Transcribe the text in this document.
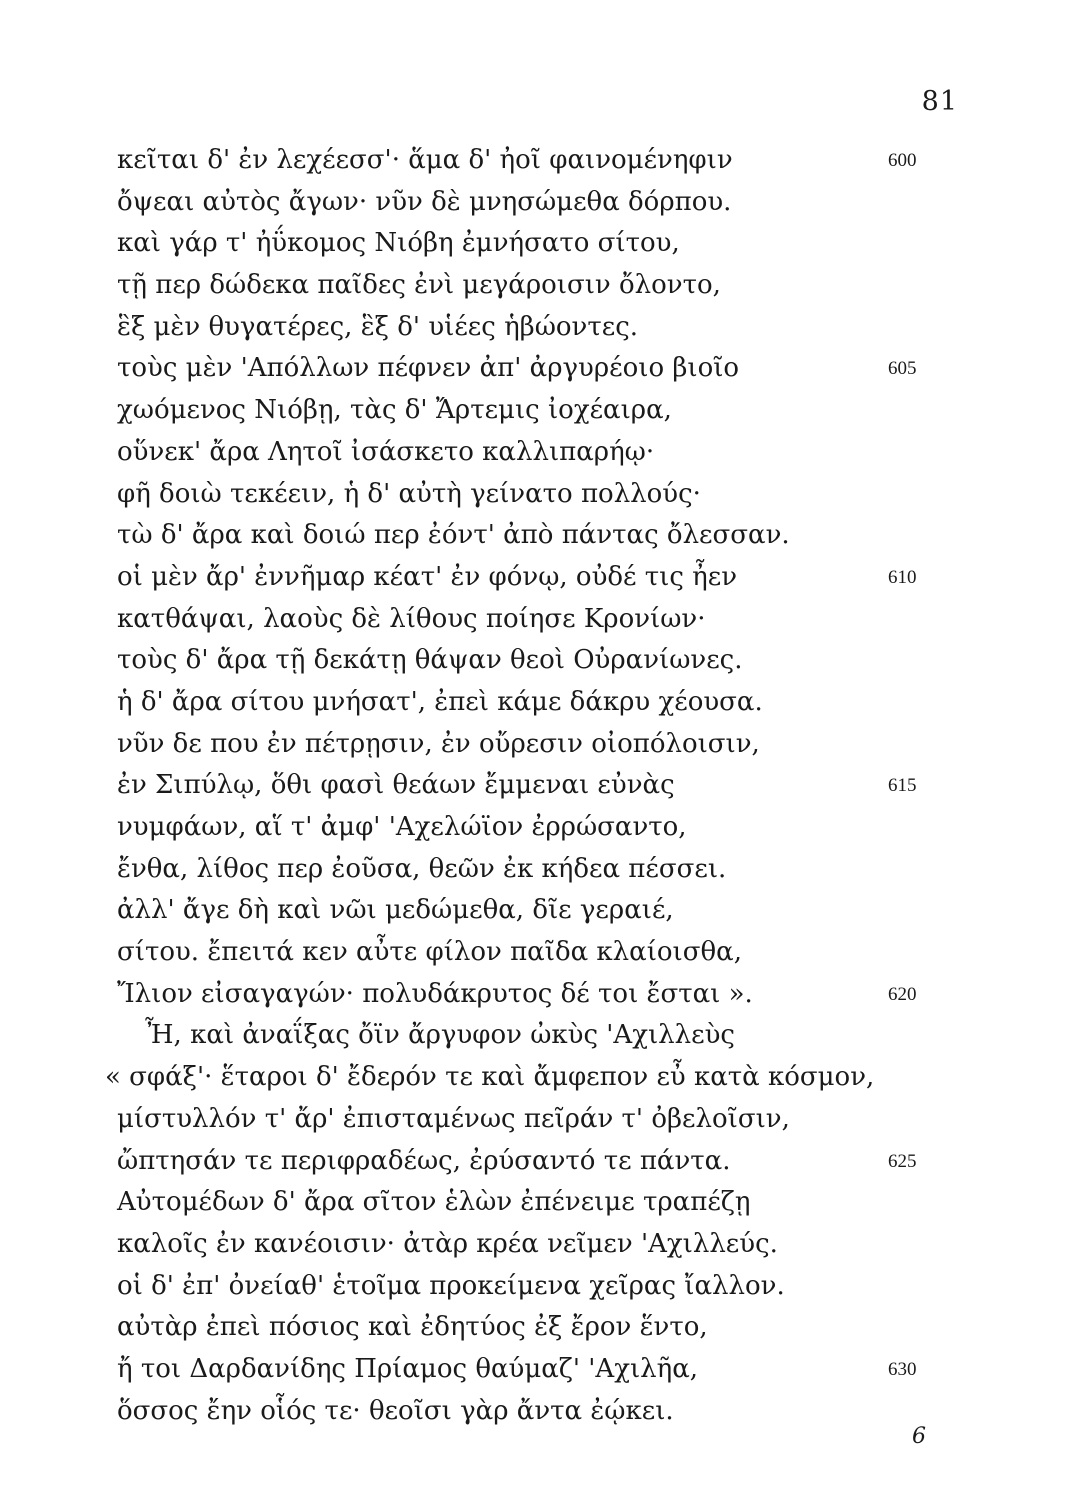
81
κεῖται δ' ἐν λεχέεσσ'· ἅμα δ' ἠοῖ φαινομένηφιν	600
ὄψεαι αὐτὸς ἄγων· νῦν δὲ μνησώμεθα δόρπου.
καὶ γάρ τ' ἠΰκομος Νιόβη ἐμνήσατο σίτου,
τῇ περ δώδεκα παῖδες ἐνὶ μεγάροισιν ὄλοντο,
ἓξ μὲν θυγατέρες, ἓξ δ' υἱέες ἡβώοντες.
τοὺς μὲν 'Απόλλων πέφνεν ἀπ' ἀργυρέοιο βιοῖο	605
χωόμενος Νιόβῃ, τὰς δ' Ἄρτεμις ἰοχέαιρα,
οὕνεκ' ἄρα Λητοῖ ἰσάσκετο καλλιπαρήῳ·
φῆ δοιὼ τεκέειν, ἡ δ' αὐτὴ γείνατο πολλούς·
τὼ δ' ἄρα καὶ δοιώ περ ἐόντ' ἀπὸ πάντας ὄλεσσαν.
οἱ μὲν ἄρ' ἐννῆμαρ κέατ' ἐν φόνῳ, οὐδέ τις ἦεν	610
κατθάψαι, λαοὺς δὲ λίθους ποίησε Κρονίων·
τοὺς δ' ἄρα τῇ δεκάτῃ θάψαν θεοὶ Οὐρανίωνες.
ἡ δ' ἄρα σίτου μνήσατ', ἐπεὶ κάμε δάκρυ χέουσα.
νῦν δε που ἐν πέτρῃσιν, ἐν οὔρεσιν οἰοπόλοισιν,
ἐν Σιπύλῳ, ὅθι φασὶ θεάων ἔμμεναι εὐνὰς	615
νυμφάων, αἵ τ' ἀμφ' 'Αχελώϊον ἐρρώσαντο,
ἔνθα, λίθος περ ἐοῦσα, θεῶν ἐκ κήδεα πέσσει.
ἀλλ' ἄγε δὴ καὶ νῶι μεδώμεθα, δῖε γεραιέ,
σίτου. ἔπειτά κεν αὖτε φίλον παῖδα κλαίοισθα,
Ἴλιον εἰσαγαγών· πολυδάκρυτος δέ τοι ἔσται ».	620
Ἦ, καὶ ἀναΐξας ὄϊν ἄργυφον ὠκὺς 'Αχιλλεὺς
« σφάξ'· ἕταροι δ' ἔδερόν τε καὶ ἄμφεπον εὖ κατὰ κόσμον,
μίστυλλόν τ' ἄρ' ἐπισταμένως πεῖράν τ' ὀβελοῖσιν,
ὤπτησάν τε περιφραδέως, ἐρύσαντό τε πάντα.	625
Αὐτομέδων δ' ἄρα σῖτον ἑλὼν ἐπένειμε τραπέζῃ
καλοῖς ἐν κανέοισιν· ἀτὰρ κρέα νεῖμεν 'Αχιλλεύς.
οἱ δ' ἐπ' ὀνείαθ' ἑτοῖμα προκείμενα χεῖρας ἴαλλον.
αὐτὰρ ἐπεὶ πόσιος καὶ ἐδητύος ἐξ ἔρον ἕντο,
ἤ τοι Δαρδανίδης Πρίαμος θαύμαζ' 'Αχιλῆα,	630
ὅσσος ἔην οἷός τε· θεοῖσι γὰρ ἄντα ἐῴκει.
6
